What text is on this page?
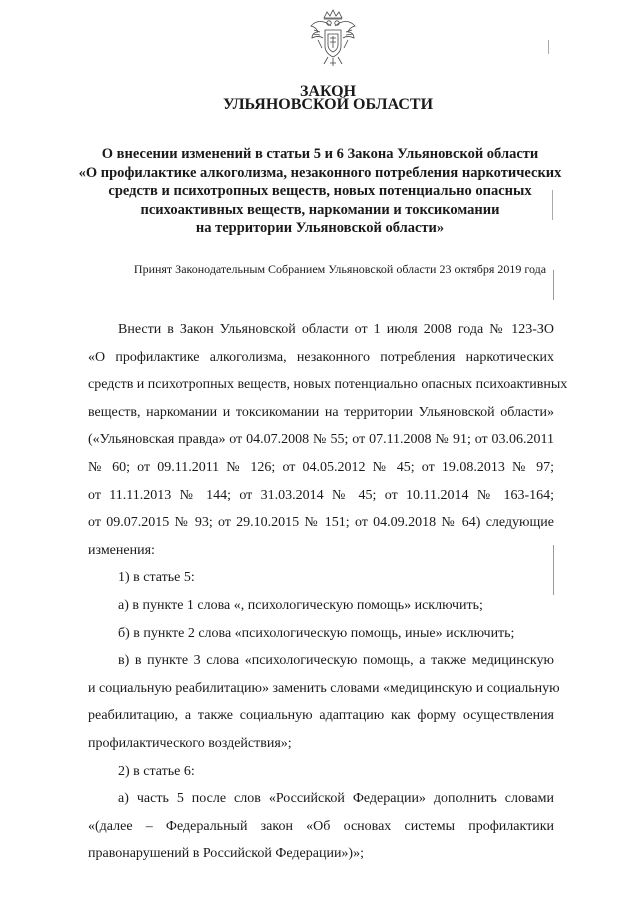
ЗАКОН
УЛЬЯНОВСКОЙ ОБЛАСТИ
О внесении изменений в статьи 5 и 6 Закона Ульяновской области
«О профилактике алкоголизма, незаконного потребления наркотических
средств и психотропных веществ, новых потенциально опасных
психоактивных веществ, наркомании и токсикомании
на территории Ульяновской области»
Принят Законодательным Собранием Ульяновской области 23 октября 2019 года
Внести в Закон Ульяновской области от 1 июля 2008 года № 123-ЗО
«О профилактике алкоголизма, незаконного потребления наркотических
средств и психотропных веществ, новых потенциально опасных психоактивных
веществ, наркомании и токсикомании на территории Ульяновской области»
(«Ульяновская правда» от 04.07.2008 № 55; от 07.11.2008 № 91; от 03.06.2011
№ 60; от 09.11.2011 № 126; от 04.05.2012 № 45; от 19.08.2013 № 97;
от 11.11.2013 № 144; от 31.03.2014 № 45; от 10.11.2014 № 163-164;
от 09.07.2015 № 93; от 29.10.2015 № 151; от 04.09.2018 № 64) следующие
изменения:
1) в статье 5:
а) в пункте 1 слова «, психологическую помощь» исключить;
б) в пункте 2 слова «психологическую помощь, иные» исключить;
в) в пункте 3 слова «психологическую помощь, а также медицинскую
и социальную реабилитацию» заменить словами «медицинскую и социальную
реабилитацию, а также социальную адаптацию как форму осуществления
профилактического воздействия»;
2) в статье 6:
а) часть 5 после слов «Российской Федерации» дополнить словами
«(далее – Федеральный закон «Об основах системы профилактики
правонарушений в Российской Федерации»)»;
